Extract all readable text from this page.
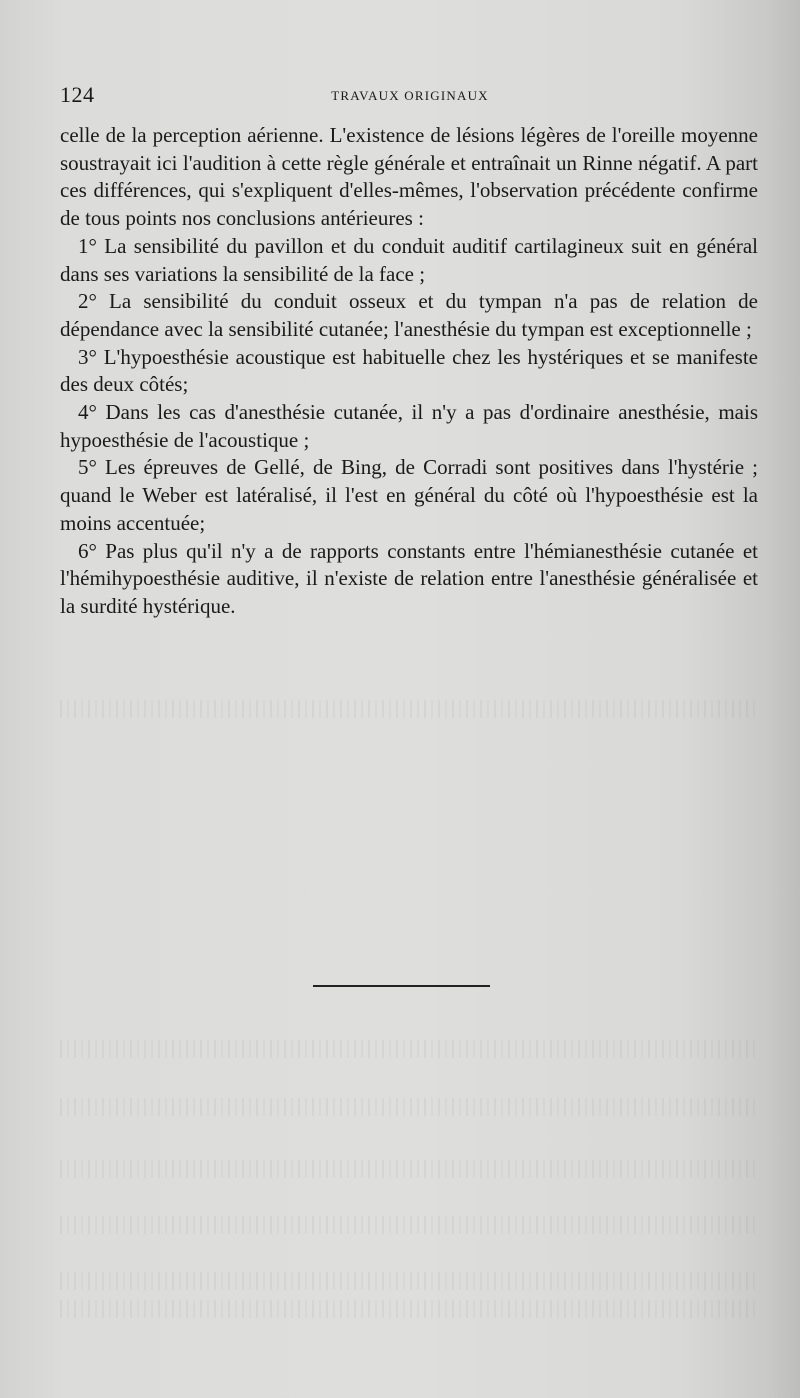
124	TRAVAUX ORIGINAUX

celle de la perception aérienne. L'existence de lésions légères de l'oreille moyenne soustrayait ici l'audition à cette règle générale et entraînait un Rinne négatif. A part ces différences, qui s'expliquent d'elles-mêmes, l'observation précédente confirme de tous points nos conclusions antérieures :

1° La sensibilité du pavillon et du conduit auditif cartilagineux suit en général dans ses variations la sensibilité de la face ;

2° La sensibilité du conduit osseux et du tympan n'a pas de relation de dépendance avec la sensibilité cutanée; l'anesthésie du tympan est exceptionnelle ;

3° L'hypoesthésie acoustique est habituelle chez les hystériques et se manifeste des deux côtés;

4° Dans les cas d'anesthésie cutanée, il n'y a pas d'ordinaire anesthésie, mais hypoesthésie de l'acoustique ;

5° Les épreuves de Gellé, de Bing, de Corradi sont positives dans l'hystérie ; quand le Weber est latéralisé, il l'est en général du côté où l'hypoesthésie est la moins accentuée;

6° Pas plus qu'il n'y a de rapports constants entre l'hémianesthésie cutanée et l'hémihypoesthésie auditive, il n'existe de relation entre l'anesthésie généralisée et la surdité hystérique.
